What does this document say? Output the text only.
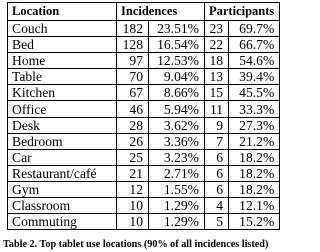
Location	Incidences		Participants	
Couch	182	23.51%	23	69.7%
Bed	128	16.54%	22	66.7%
Home	97	12.53%	18	54.6%
Table	70	9.04%	13	39.4%
Kitchen	67	8.66%	15	45.5%
Office	46	5.94%	11	33.3%
Desk	28	3.62%	9	27.3%
Bedroom	26	3.36%	7	21.2%
Car	25	3.23%	6	18.2%
Restaurant/café	21	2.71%	6	18.2%
Gym	12	1.55%	6	18.2%
Classroom	10	1.29%	4	12.1%
Commuting	10	1.29%	5	15.2%
Table 2. Top tablet use locations (90% of all incidences listed)
